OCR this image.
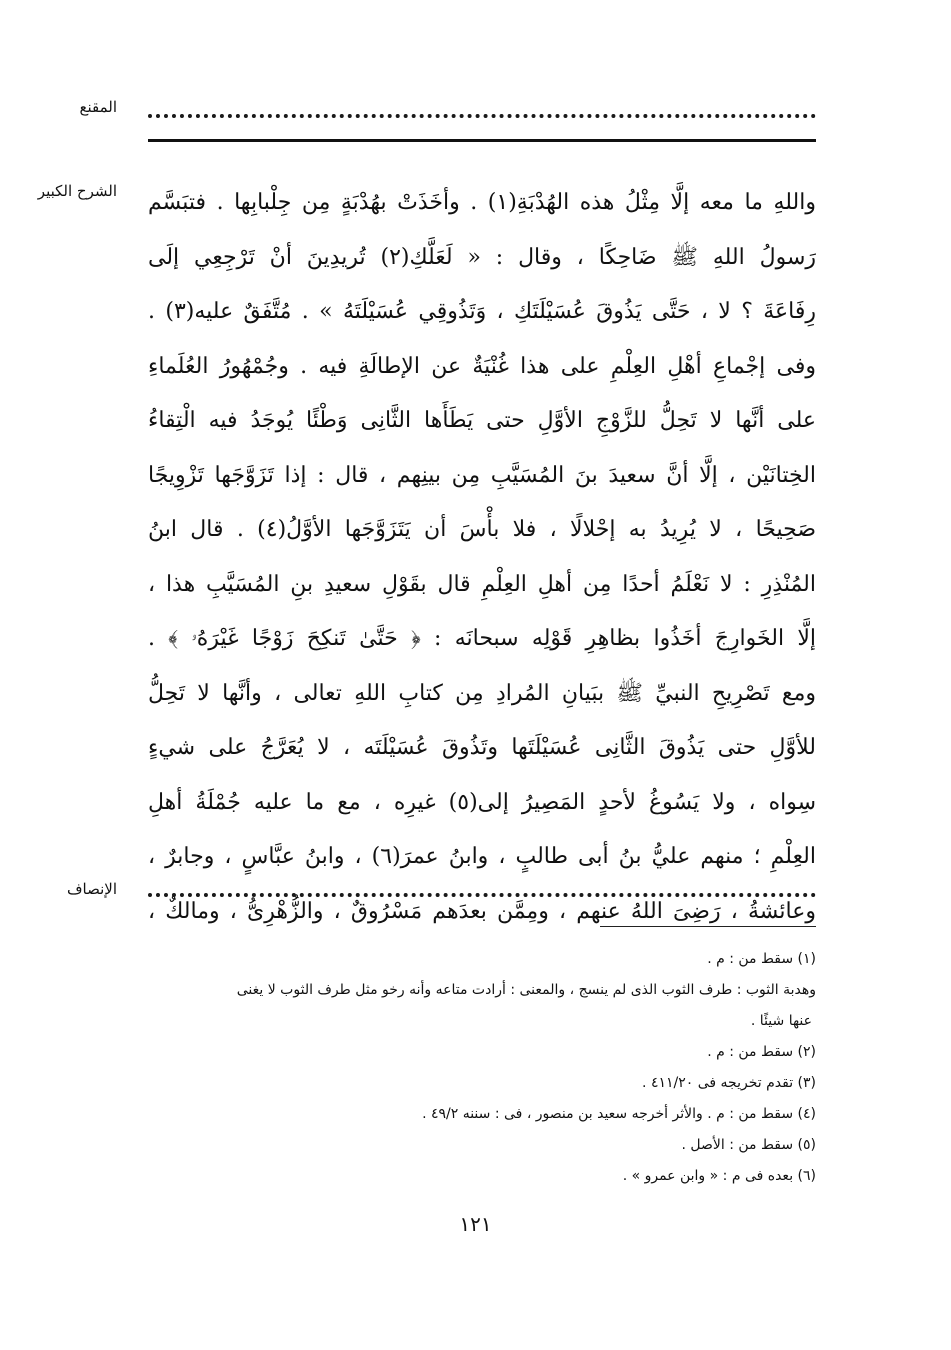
المقنع
الشرح الكبير واللهِ ما معه إلَّا مِثْلُ هذه الهُدْبَةِ(١) . وأخَذَتْ بهُدْبَةٍ مِن جِلْبابِها . فتبَسَّم
رَسولُ اللهِ ﷺ ضَاحِكًا ، وقال : « لَعَلَّكِ(٢) تُريدِينَ أنْ تَرْجِعِي إلَى
رِفَاعَةَ ؟ لا ، حَتَّى يَذُوقَ عُسَيْلَتَكِ ، وَتَذُوقِي عُسَيْلَتَهُ » . مُتَّفَقٌ عليه(٣) .
وفى إجْماعِ أهْلِ العِلْمِ على هذا غُنْيَةٌ عن الإطالَةِ فيه . وجُمْهُورُ العُلَماءِ
على أنَّها لا تَحِلُّ للزَّوْجِ الأوَّلِ حتى يَطَأَها الثَّانِى وَطْئًا يُوجَدُ فيه الْتِقاءُ
الخِتانَيْن ، إلَّا أنَّ سعيدَ بنَ المُسَيَّبِ مِن بينِهم ، قال : إذا تَزَوَّجَها تَزْوِيجًا
صَحِيحًا ، لا يُرِيدُ به إحْلالًا ، فلا بأْسَ أن يَتَزَوَّجَها الأوَّلُ(٤) . قال ابنُ
المُنْذِرِ : لا نَعْلَمُ أحدًا مِن أهلِ العِلْمِ قال بقَوْلِ سعيدِ بنِ المُسَيَّبِ هذا ،
إلَّا الخَوارِجَ أخَذُوا بظاهِرِ قَوْلِه سبحانَه : ﴿ حَتَّىٰ تَنكِحَ زَوْجًا غَيْرَهُۥ ﴾ .
ومع تَصْرِيحِ النبيِّ ﷺ ببَيانِ المُرادِ مِن كتابِ اللهِ تعالى ، وأنَّها لا تَحِلُّ
للأوَّلِ حتى يَذُوقَ الثَّانِى عُسَيْلَتَها وتَذُوقَ عُسَيْلَتَه ، لا يُعَرَّجُ على شيءٍ
سِواه ، ولا يَسُوغُ لأحدٍ المَصِيرُ إلى(٥) غيرِه ، مع ما عليه جُمْلَةُ أهلِ
العِلْمِ ؛ منهم عليُّ بنُ أبى طالبٍ ، وابنُ عمرَ(٦) ، وابنُ عبَّاسٍ ، وجابرٌ ،
وعائشةُ ، رَضِىَ اللهُ عنهم ، ومِمَّن بعدَهم مَسْرُوقٌ ، والزُّهْرِىُّ ، ومالكٌ ،
الإنصاف
(١) سقط من : م .
وهدبة الثوب : طرف الثوب الذى لم ينسج ، والمعنى : أرادت متاعه وأنه رخو مثل طرف الثوب لا يغنى
عنها شيئًا .
(٢) سقط من : م .
(٣) تقدم تخريجه فى ٤١١/٢٠ .
(٤) سقط من : م . والأثر أخرجه سعيد بن منصور ، فى : سننه ٤٩/٢ .
(٥) سقط من : الأصل .
(٦) بعده فى م : « وابن عمرو » .
١٢١
